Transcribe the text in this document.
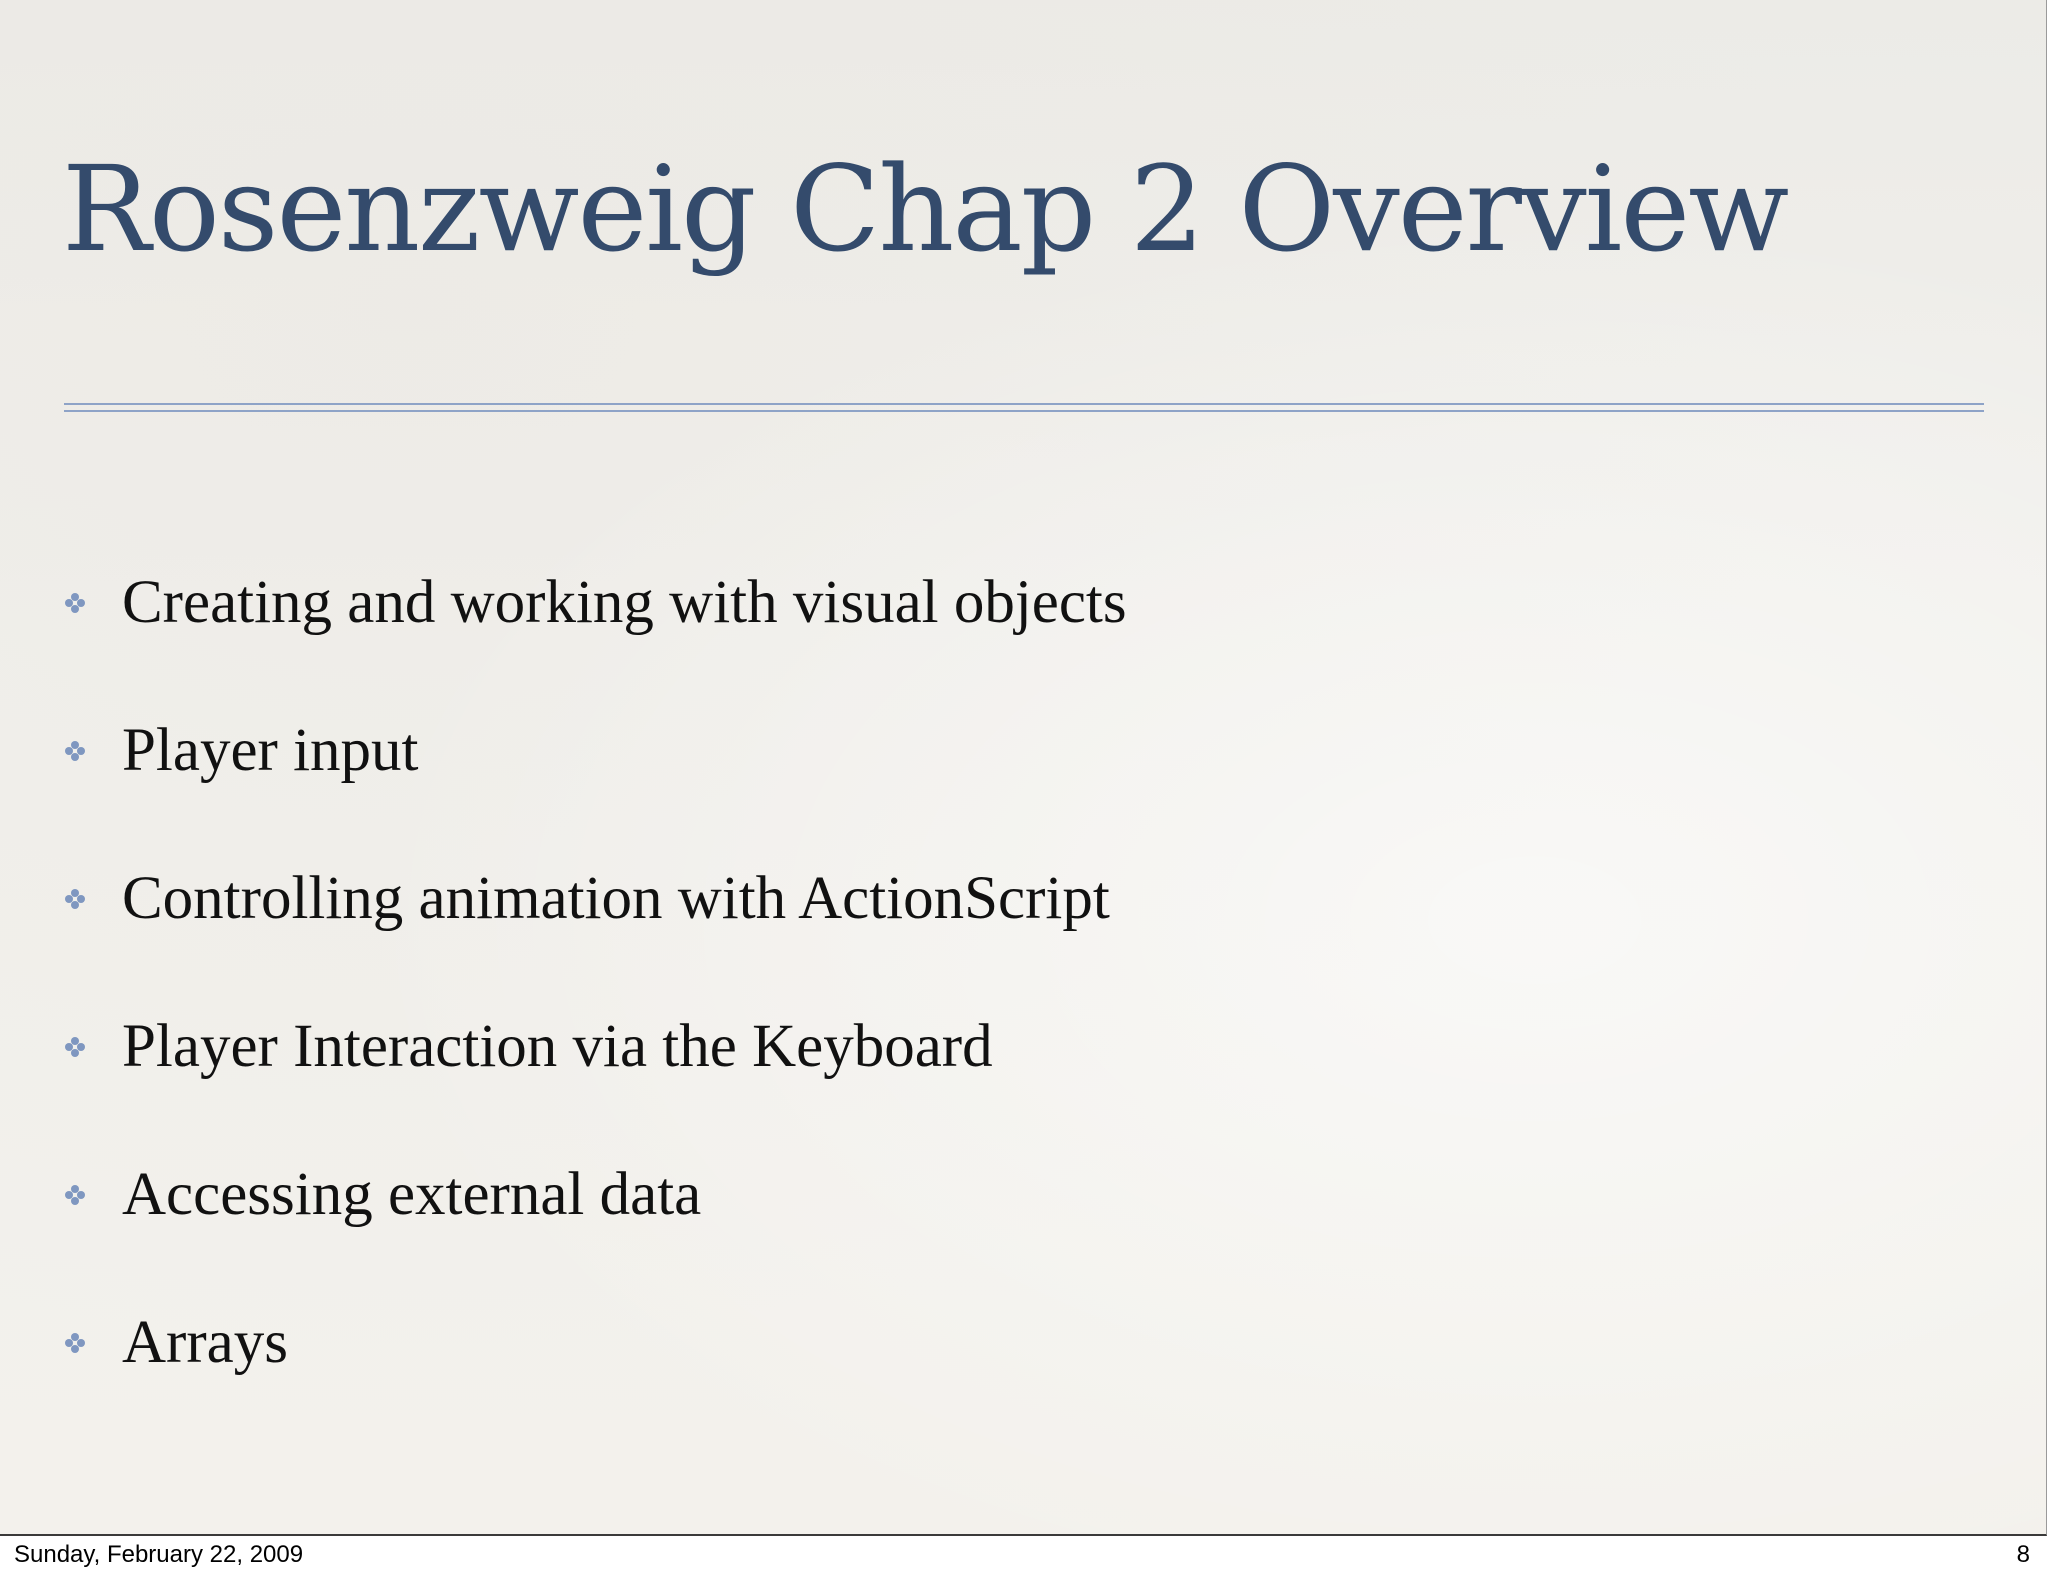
Rosenzweig Chap 2 Overview
Creating and working with visual objects
Player input
Controlling animation with ActionScript
Player Interaction via the Keyboard
Accessing external data
Arrays
Sunday, February 22, 2009	8
